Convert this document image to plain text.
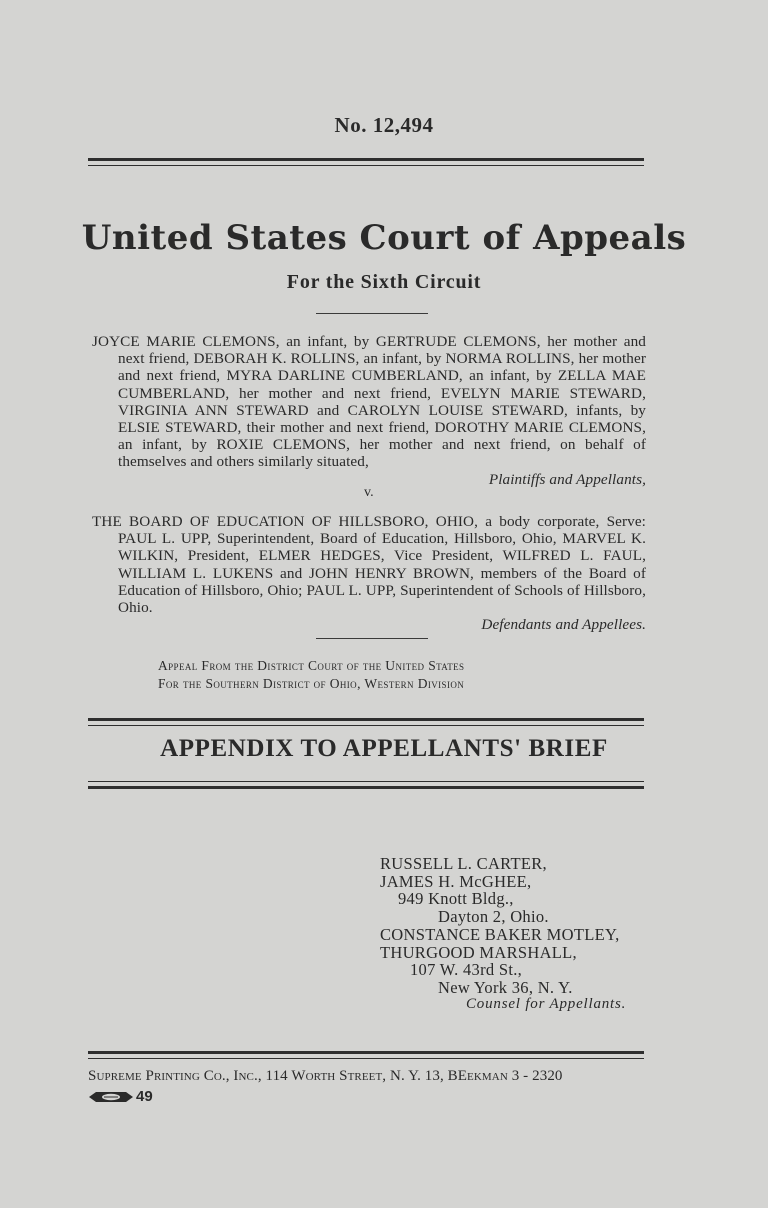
No. 12,494
United States Court of Appeals
For the Sixth Circuit
JOYCE MARIE CLEMONS, an infant, by GERTRUDE CLEMONS, her mother and next friend, DEBORAH K. ROLLINS, an infant, by NORMA ROLLINS, her mother and next friend, MYRA DARLINE CUMBERLAND, an infant, by ZELLA MAE CUMBERLAND, her mother and next friend, EVELYN MARIE STEWARD, VIRGINIA ANN STEWARD and CAROLYN LOUISE STEWARD, infants, by ELSIE STEWARD, their mother and next friend, DOROTHY MARIE CLEMONS, an infant, by ROXIE CLEMONS, her mother and next friend, on behalf of themselves and others similarly situated,
Plaintiffs and Appellants,
v.
THE BOARD OF EDUCATION OF HILLSBORO, OHIO, a body corporate, Serve: PAUL L. UPP, Superintendent, Board of Education, Hillsboro, Ohio, MARVEL K. WILKIN, President, ELMER HEDGES, Vice President, WILFRED L. FAUL, WILLIAM L. LUKENS and JOHN HENRY BROWN, members of the Board of Education of Hillsboro, Ohio; PAUL L. UPP, Superintendent of Schools of Hillsboro, Ohio.
Defendants and Appellees.
Appeal From the District Court of the United States
For the Southern District of Ohio, Western Division
APPENDIX TO APPELLANTS' BRIEF
RUSSELL L. CARTER,
JAMES H. McGHEE,
949 Knott Bldg.,
Dayton 2, Ohio.
CONSTANCE BAKER MOTLEY,
THURGOOD MARSHALL,
107 W. 43rd St.,
New York 36, N. Y.
Counsel for Appellants.
Supreme Printing Co., Inc., 114 Worth Street, N. Y. 13, BEekman 3 - 2320
49
